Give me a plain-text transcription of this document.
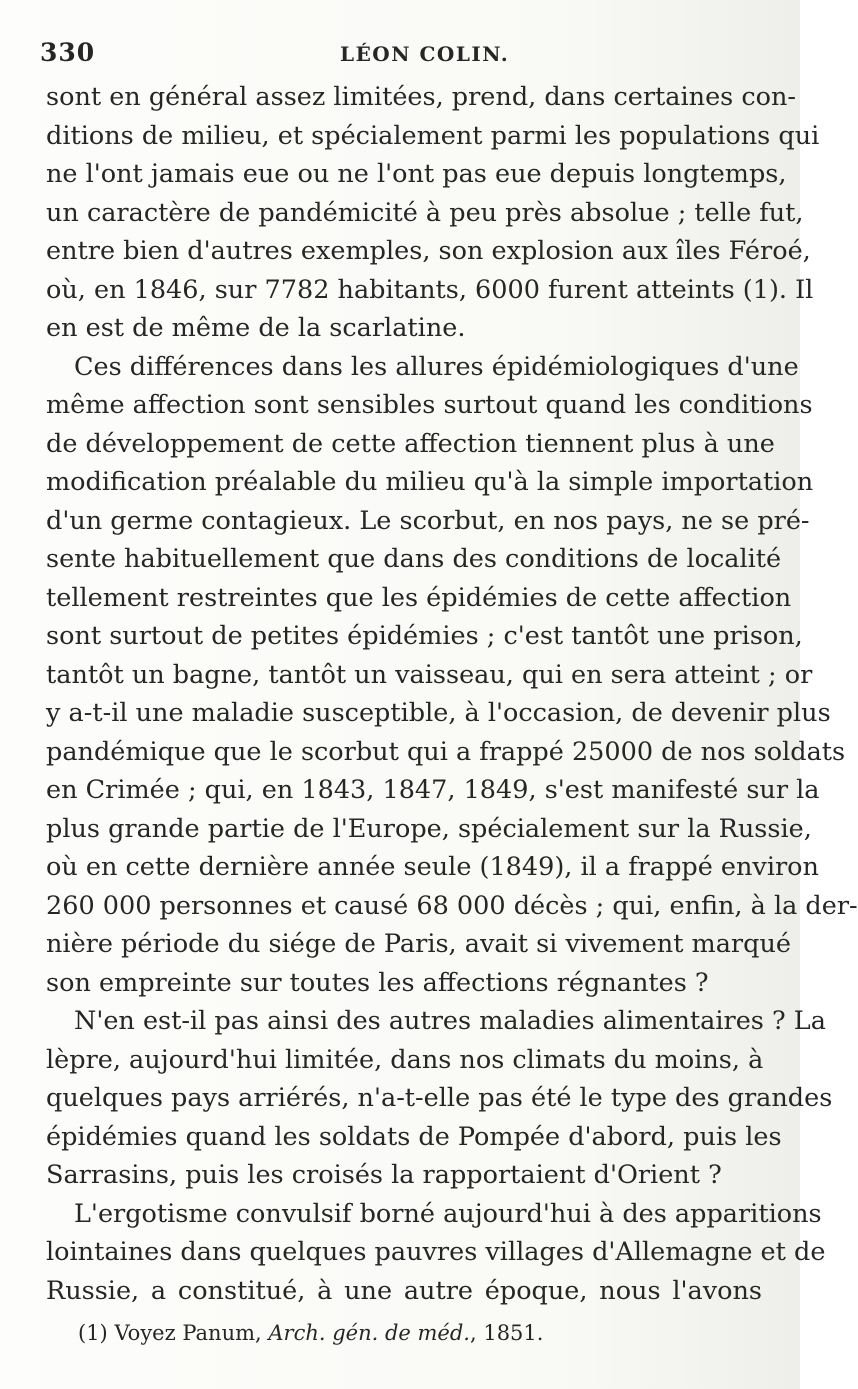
330	LÉON COLIN.
sont en général assez limitées, prend, dans certaines con-
ditions de milieu, et spécialement parmi les populations qui
ne l'ont jamais eue ou ne l'ont pas eue depuis longtemps,
un caractère de pandémicité à peu près absolue ; telle fut,
entre bien d'autres exemples, son explosion aux îles Féroé,
où, en 1846, sur 7782 habitants, 6000 furent atteints (1). Il
en est de même de la scarlatine.
Ces différences dans les allures épidémiologiques d'une
même affection sont sensibles surtout quand les conditions
de développement de cette affection tiennent plus à une
modification préalable du milieu qu'à la simple importation
d'un germe contagieux. Le scorbut, en nos pays, ne se pré-
sente habituellement que dans des conditions de localité
tellement restreintes que les épidémies de cette affection
sont surtout de petites épidémies ; c'est tantôt une prison,
tantôt un bagne, tantôt un vaisseau, qui en sera atteint ; or
y a-t-il une maladie susceptible, à l'occasion, de devenir plus
pandémique que le scorbut qui a frappé 25000 de nos soldats
en Crimée ; qui, en 1843, 1847, 1849, s'est manifesté sur la
plus grande partie de l'Europe, spécialement sur la Russie,
où en cette dernière année seule (1849), il a frappé environ
260 000 personnes et causé 68 000 décès ; qui, enfin, à la der-
nière période du siége de Paris, avait si vivement marqué
son empreinte sur toutes les affections régnantes ?
N'en est-il pas ainsi des autres maladies alimentaires ? La
lèpre, aujourd'hui limitée, dans nos climats du moins, à
quelques pays arriérés, n'a-t-elle pas été le type des grandes
épidémies quand les soldats de Pompée d'abord, puis les
Sarrasins, puis les croisés la rapportaient d'Orient ?
L'ergotisme convulsif borné aujourd'hui à des apparitions
lointaines dans quelques pauvres villages d'Allemagne et de
Russie, a constitué, à une autre époque, nous l'avons
(1) Voyez Panum, Arch. gén. de méd., 1851.
